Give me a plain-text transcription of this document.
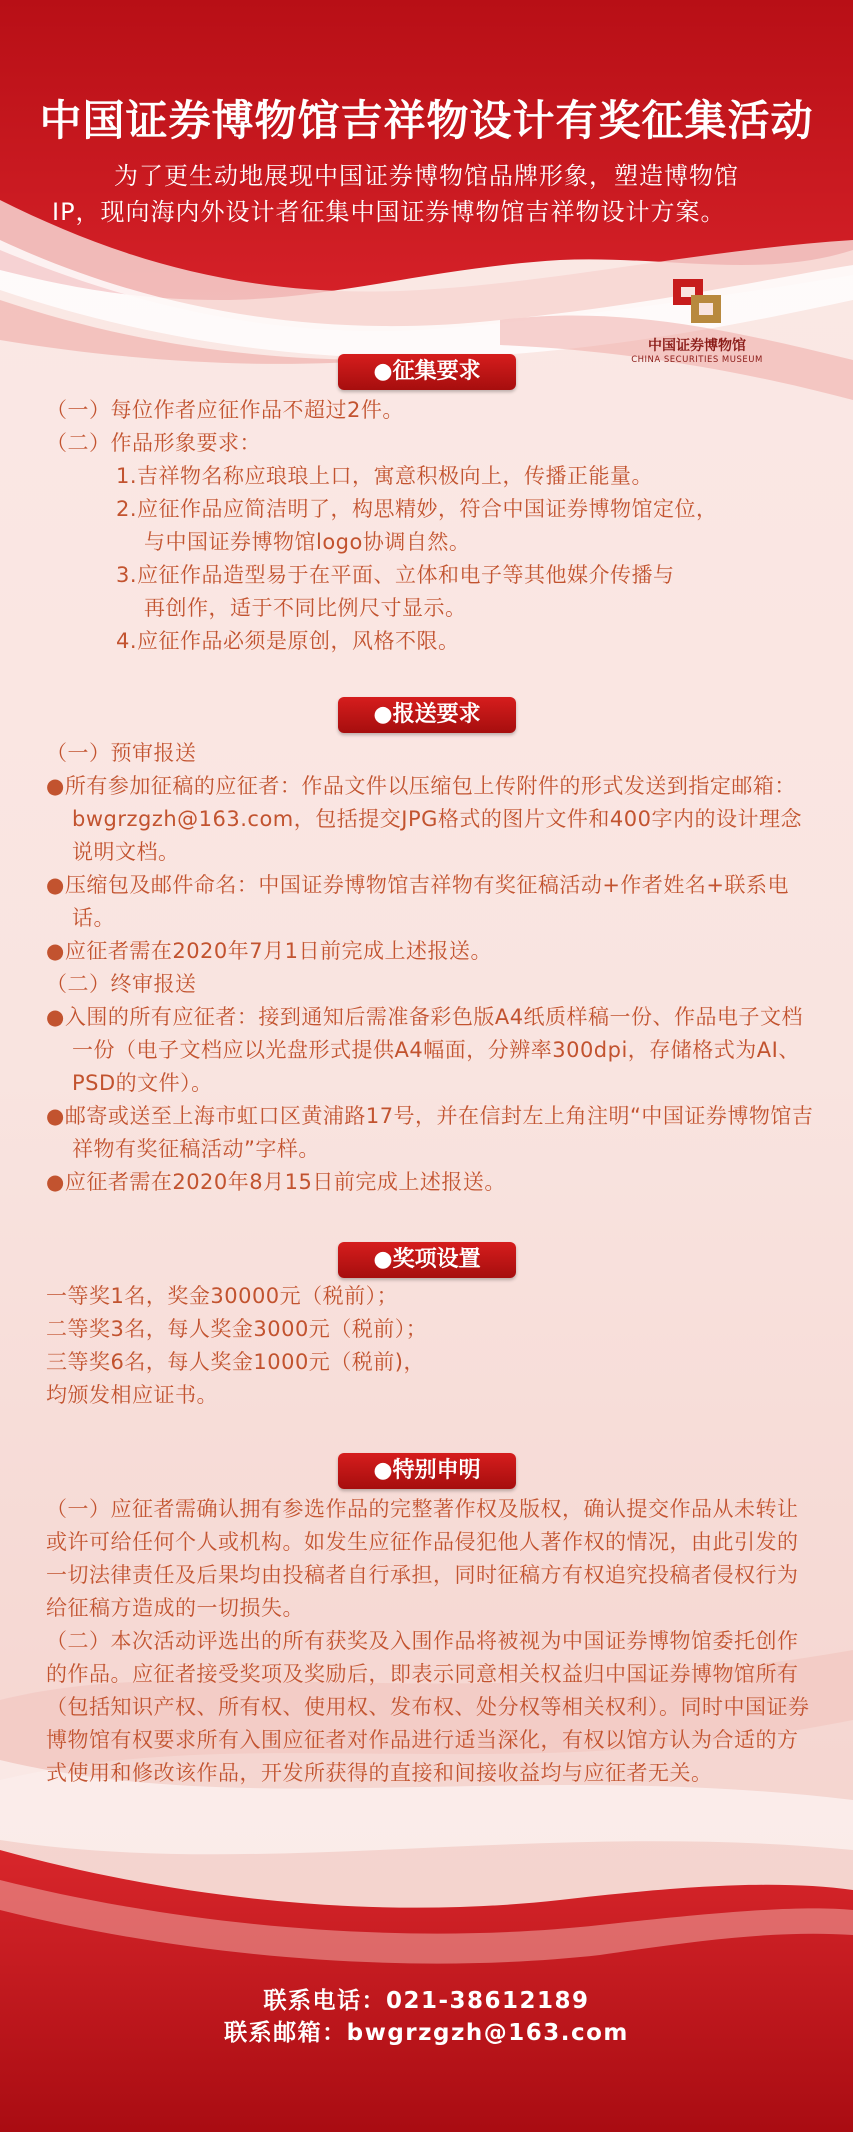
中国证券博物馆吉祥物设计有奖征集活动

为了更生动地展现中国证券博物馆品牌形象，塑造博物馆

IP，现向海内外设计者征集中国证券博物馆吉祥物设计方案。

中国证券博物馆
CHINA SECURITIES MUSEUM
●征集要求

（一）每位作者应征作品不超过2件。

（二）作品形象要求：

1.吉祥物名称应琅琅上口，寓意积极向上，传播正能量。

2.应征作品应简洁明了，构思精妙，符合中国证券博物馆定位，

与中国证券博物馆logo协调自然。

3.应征作品造型易于在平面、立体和电子等其他媒介传播与

再创作，适于不同比例尺寸显示。

4.应征作品必须是原创，风格不限。

●报送要求

（一）预审报送

●所有参加征稿的应征者：作品文件以压缩包上传附件的形式发送到指定邮箱：bwgrzgzh@163.com，包括提交JPG格式的图片文件和400字内的设计理念说明文档。

●压缩包及邮件命名：中国证券博物馆吉祥物有奖征稿活动+作者姓名+联系电话。

●应征者需在2020年7月1日前完成上述报送。

（二）终审报送

●入围的所有应征者：接到通知后需准备彩色版A4纸质样稿一份、作品电子文档一份（电子文档应以光盘形式提供A4幅面，分辨率300dpi，存储格式为AI、PSD的文件）。

●邮寄或送至上海市虹口区黄浦路17号，并在信封左上角注明“中国证券博物馆吉祥物有奖征稿活动”字样。

●应征者需在2020年8月15日前完成上述报送。

●奖项设置

一等奖1名，奖金30000元（税前）；

二等奖3名，每人奖金3000元（税前）；

三等奖6名，每人奖金1000元（税前)，

均颁发相应证书。

●特别申明

（一）应征者需确认拥有参选作品的完整著作权及版权，确认提交作品从未转让或许可给任何个人或机构。如发生应征作品侵犯他人著作权的情况，由此引发的一切法律责任及后果均由投稿者自行承担，同时征稿方有权追究投稿者侵权行为给征稿方造成的一切损失。

（二）本次活动评选出的所有获奖及入围作品将被视为中国证券博物馆委托创作的作品。应征者接受奖项及奖励后，即表示同意相关权益归中国证券博物馆所有（包括知识产权、所有权、使用权、发布权、处分权等相关权利）。同时中国证券博物馆有权要求所有入围应征者对作品进行适当深化，有权以馆方认为合适的方式使用和修改该作品，开发所获得的直接和间接收益均与应征者无关。

联系电话：021-38612189

联系邮箱：bwgrzgzh@163.com
